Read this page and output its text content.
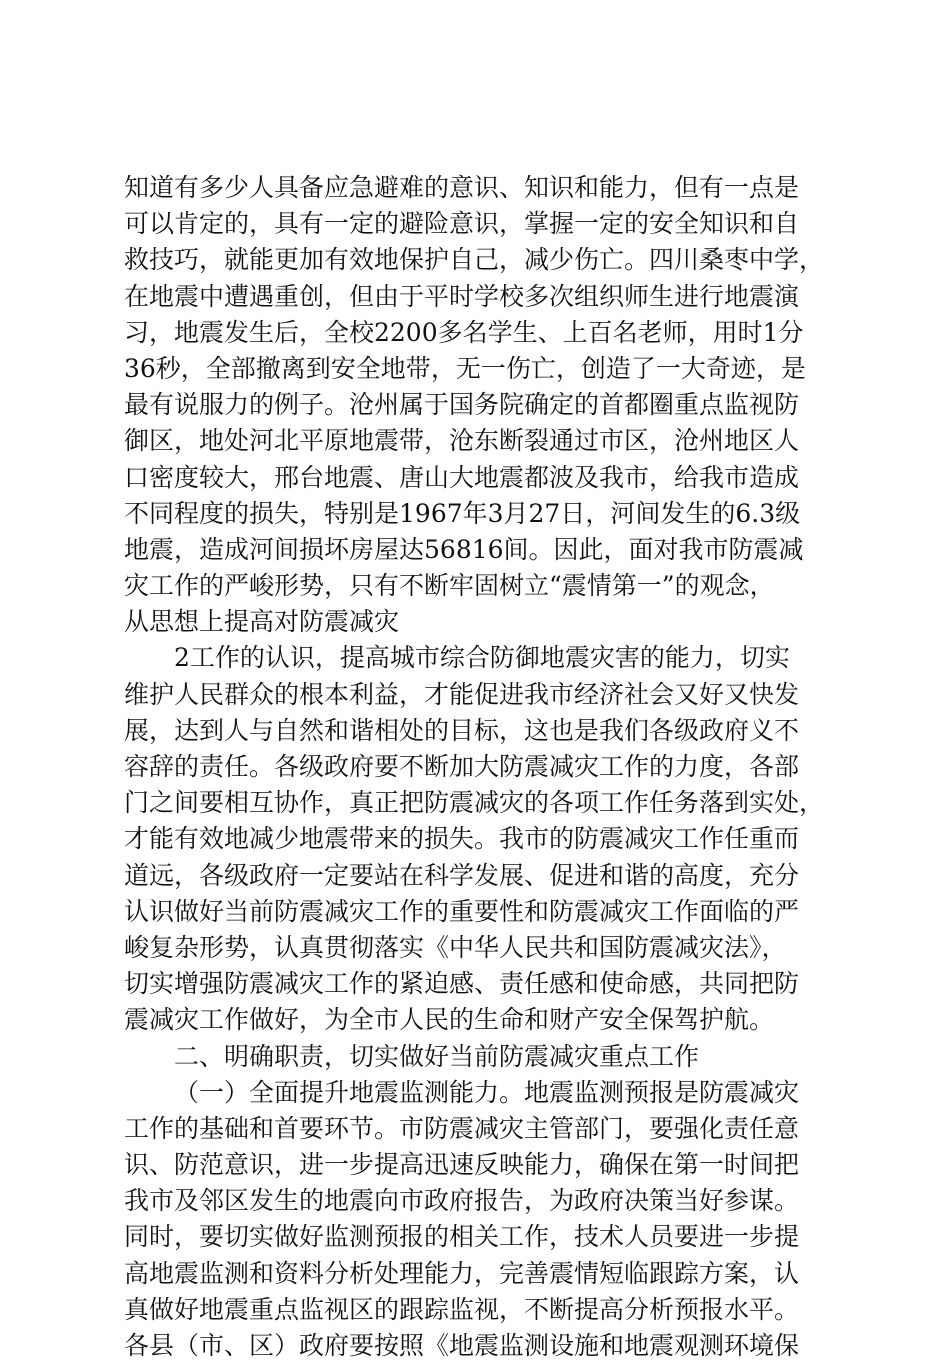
知道有多少人具备应急避难的意识、知识和能力，但有一点是
可以肯定的，具有一定的避险意识，掌握一定的安全知识和自
救技巧，就能更加有效地保护自己，减少伤亡。四川桑枣中学，
在地震中遭遇重创，但由于平时学校多次组织师生进行地震演
习，地震发生后，全校2200多名学生、上百名老师，用时1分
36秒，全部撤离到安全地带，无一伤亡，创造了一大奇迹，是
最有说服力的例子。沧州属于国务院确定的首都圈重点监视防
御区，地处河北平原地震带，沧东断裂通过市区，沧州地区人
口密度较大，邢台地震、唐山大地震都波及我市，给我市造成
不同程度的损失，特别是1967年3月27日，河间发生的6.3级
地震，造成河间损坏房屋达56816间。因此，面对我市防震减
灾工作的严峻形势，只有不断牢固树立“震情第一”的观念，
从思想上提高对防震减灾
2工作的认识，提高城市综合防御地震灾害的能力，切实
维护人民群众的根本利益，才能促进我市经济社会又好又快发
展，达到人与自然和谐相处的目标，这也是我们各级政府义不
容辞的责任。各级政府要不断加大防震减灾工作的力度，各部
门之间要相互协作，真正把防震减灾的各项工作任务落到实处，
才能有效地减少地震带来的损失。我市的防震减灾工作任重而
道远，各级政府一定要站在科学发展、促进和谐的高度，充分
认识做好当前防震减灾工作的重要性和防震减灾工作面临的严
峻复杂形势，认真贯彻落实《中华人民共和国防震减灾法》，
切实增强防震减灾工作的紧迫感、责任感和使命感，共同把防
震减灾工作做好，为全市人民的生命和财产安全保驾护航。
二、明确职责，切实做好当前防震减灾重点工作
（一）全面提升地震监测能力。地震监测预报是防震减灾
工作的基础和首要环节。市防震减灾主管部门，要强化责任意
识、防范意识，进一步提高迅速反映能力，确保在第一时间把
我市及邻区发生的地震向市政府报告，为政府决策当好参谋。
同时，要切实做好监测预报的相关工作，技术人员要进一步提
高地震监测和资料分析处理能力，完善震情短临跟踪方案，认
真做好地震重点监视区的跟踪监视，不断提高分析预报水平。
各县（市、区）政府要按照《地震监测设施和地震观测环境保
